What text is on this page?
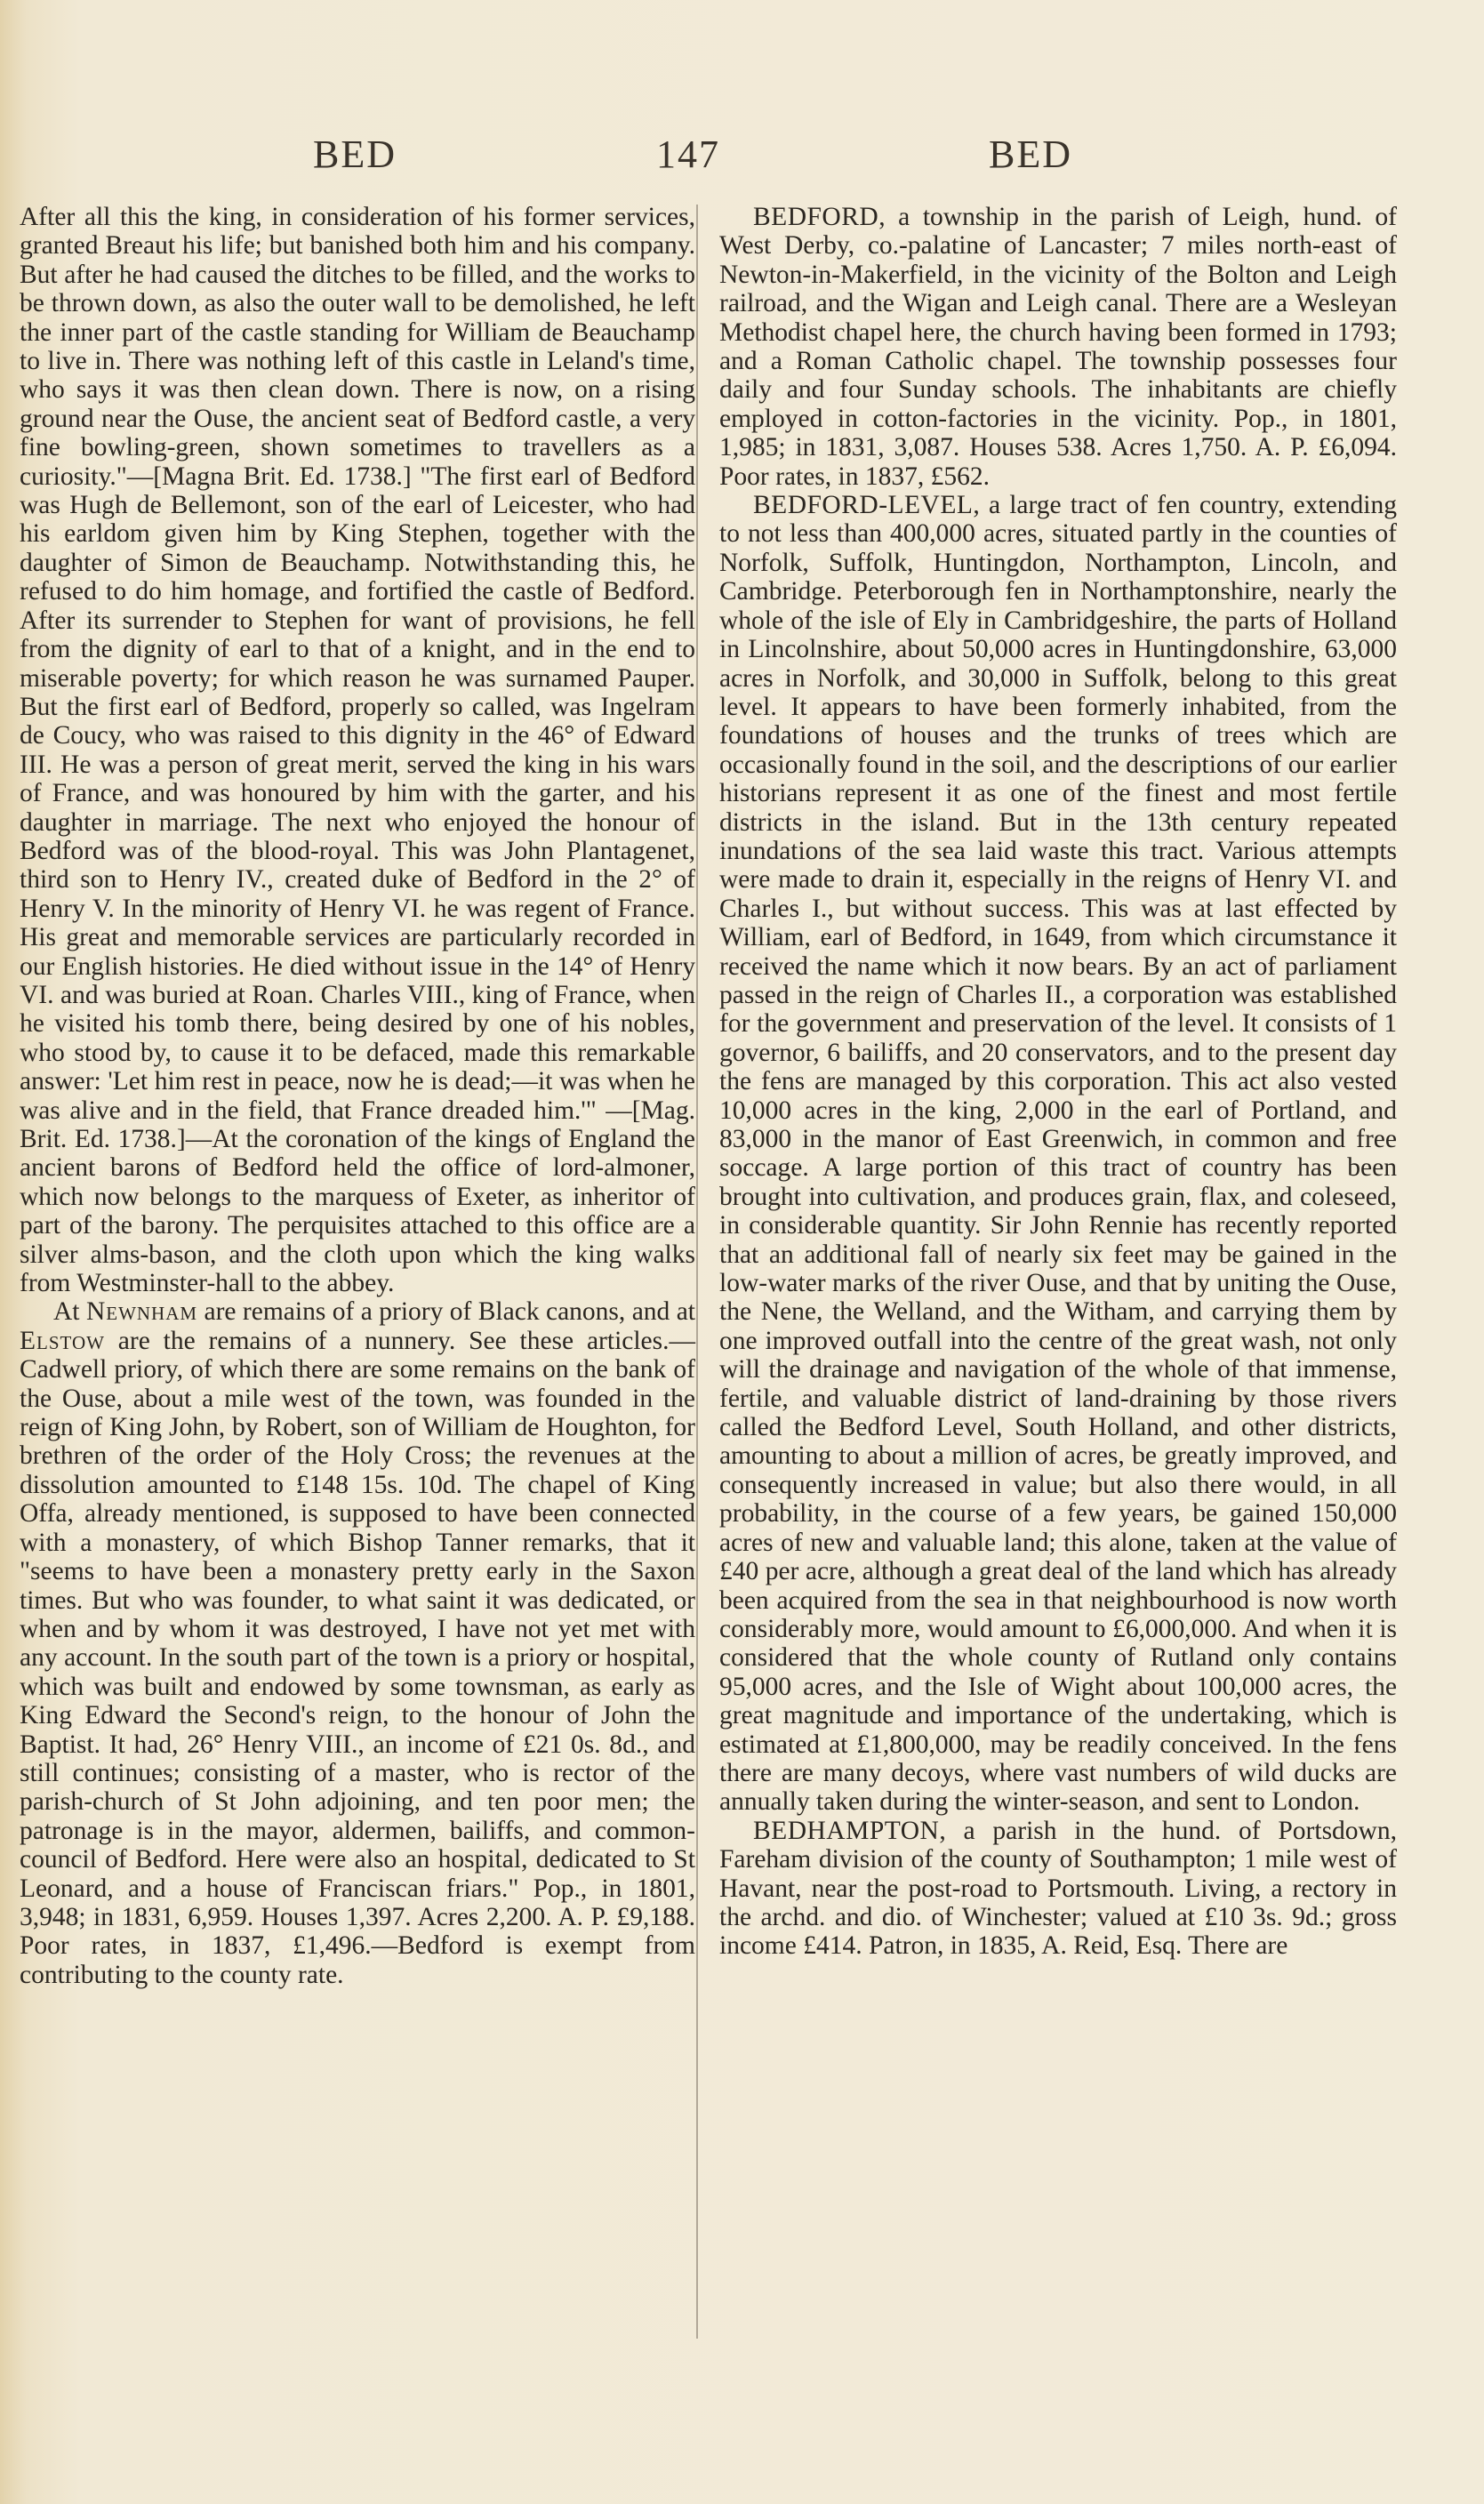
BED	147	BED

After all this the king, in consideration of his former services, granted Breaut his life; but banished both him and his company. But after he had caused the ditches to be filled, and the works to be thrown down, as also the outer wall to be demolished, he left the inner part of the castle standing for William de Beauchamp to live in. There was nothing left of this castle in Leland's time, who says it was then clean down. There is now, on a rising ground near the Ouse, the ancient seat of Bedford castle, a very fine bowling-green, shown sometimes to travellers as a curiosity."—[Magna Brit. Ed. 1738.] "The first earl of Bedford was Hugh de Bellemont, son of the earl of Leicester, who had his earldom given him by King Stephen, together with the daughter of Simon de Beauchamp. Notwithstanding this, he refused to do him homage, and fortified the castle of Bedford. After its surrender to Stephen for want of provisions, he fell from the dignity of earl to that of a knight, and in the end to miserable poverty; for which reason he was surnamed Pauper. But the first earl of Bedford, properly so called, was Ingelram de Coucy, who was raised to this dignity in the 46° of Edward III. He was a person of great merit, served the king in his wars of France, and was honoured by him with the garter, and his daughter in marriage. The next who enjoyed the honour of Bedford was of the blood-royal. This was John Plantagenet, third son to Henry IV., created duke of Bedford in the 2° of Henry V. In the minority of Henry VI. he was regent of France. His great and memorable services are particularly recorded in our English histories. He died without issue in the 14° of Henry VI. and was buried at Roan. Charles VIII., king of France, when he visited his tomb there, being desired by one of his nobles, who stood by, to cause it to be defaced, made this remarkable answer: 'Let him rest in peace, now he is dead;—it was when he was alive and in the field, that France dreaded him.'" —[Mag. Brit. Ed. 1738.]—At the coronation of the kings of England the ancient barons of Bedford held the office of lord-almoner, which now belongs to the marquess of Exeter, as inheritor of part of the barony. The perquisites attached to this office are a silver alms-bason, and the cloth upon which the king walks from Westminster-hall to the abbey.

At Newnham are remains of a priory of Black canons, and at Elstow are the remains of a nunnery. See these articles.—Cadwell priory, of which there are some remains on the bank of the Ouse, about a mile west of the town, was founded in the reign of King John, by Robert, son of William de Houghton, for brethren of the order of the Holy Cross; the revenues at the dissolution amounted to £148 15s. 10d. The chapel of King Offa, already mentioned, is supposed to have been connected with a monastery, of which Bishop Tanner remarks, that it "seems to have been a monastery pretty early in the Saxon times. But who was founder, to what saint it was dedicated, or when and by whom it was destroyed, I have not yet met with any account. In the south part of the town is a priory or hospital, which was built and endowed by some townsman, as early as King Edward the Second's reign, to the honour of John the Baptist. It had, 26° Henry VIII., an income of £21 0s. 8d., and still continues; consisting of a master, who is rector of the parish-church of St John adjoining, and ten poor men; the patronage is in the mayor, aldermen, bailiffs, and common-council of Bedford. Here were also an hospital, dedicated to St Leonard, and a house of Franciscan friars." Pop., in 1801, 3,948; in 1831, 6,959. Houses 1,397. Acres 2,200. A. P. £9,188. Poor rates, in 1837, £1,496.—Bedford is exempt from contributing to the county rate.

BEDFORD, a township in the parish of Leigh, hund. of West Derby, co.-palatine of Lancaster; 7 miles north-east of Newton-in-Makerfield, in the vicinity of the Bolton and Leigh railroad, and the Wigan and Leigh canal. There are a Wesleyan Methodist chapel here, the church having been formed in 1793; and a Roman Catholic chapel. The township possesses four daily and four Sunday schools. The inhabitants are chiefly employed in cotton-factories in the vicinity. Pop., in 1801, 1,985; in 1831, 3,087. Houses 538. Acres 1,750. A. P. £6,094. Poor rates, in 1837, £562.

BEDFORD-LEVEL, a large tract of fen country, extending to not less than 400,000 acres, situated partly in the counties of Norfolk, Suffolk, Huntingdon, Northampton, Lincoln, and Cambridge. Peterborough fen in Northamptonshire, nearly the whole of the isle of Ely in Cambridgeshire, the parts of Holland in Lincolnshire, about 50,000 acres in Huntingdonshire, 63,000 acres in Norfolk, and 30,000 in Suffolk, belong to this great level. It appears to have been formerly inhabited, from the foundations of houses and the trunks of trees which are occasionally found in the soil, and the descriptions of our earlier historians represent it as one of the finest and most fertile districts in the island. But in the 13th century repeated inundations of the sea laid waste this tract. Various attempts were made to drain it, especially in the reigns of Henry VI. and Charles I., but without success. This was at last effected by William, earl of Bedford, in 1649, from which circumstance it received the name which it now bears. By an act of parliament passed in the reign of Charles II., a corporation was established for the government and preservation of the level. It consists of 1 governor, 6 bailiffs, and 20 conservators, and to the present day the fens are managed by this corporation. This act also vested 10,000 acres in the king, 2,000 in the earl of Portland, and 83,000 in the manor of East Greenwich, in common and free soccage. A large portion of this tract of country has been brought into cultivation, and produces grain, flax, and coleseed, in considerable quantity. Sir John Rennie has recently reported that an additional fall of nearly six feet may be gained in the low-water marks of the river Ouse, and that by uniting the Ouse, the Nene, the Welland, and the Witham, and carrying them by one improved outfall into the centre of the great wash, not only will the drainage and navigation of the whole of that immense, fertile, and valuable district of land-draining by those rivers called the Bedford Level, South Holland, and other districts, amounting to about a million of acres, be greatly improved, and consequently increased in value; but also there would, in all probability, in the course of a few years, be gained 150,000 acres of new and valuable land; this alone, taken at the value of £40 per acre, although a great deal of the land which has already been acquired from the sea in that neighbourhood is now worth considerably more, would amount to £6,000,000. And when it is considered that the whole county of Rutland only contains 95,000 acres, and the Isle of Wight about 100,000 acres, the great magnitude and importance of the undertaking, which is estimated at £1,800,000, may be readily conceived. In the fens there are many decoys, where vast numbers of wild ducks are annually taken during the winter-season, and sent to London.

BEDHAMPTON, a parish in the hund. of Portsdown, Fareham division of the county of Southampton; 1 mile west of Havant, near the post-road to Portsmouth. Living, a rectory in the archd. and dio. of Winchester; valued at £10 3s. 9d.; gross income £414. Patron, in 1835, A. Reid, Esq. There are
